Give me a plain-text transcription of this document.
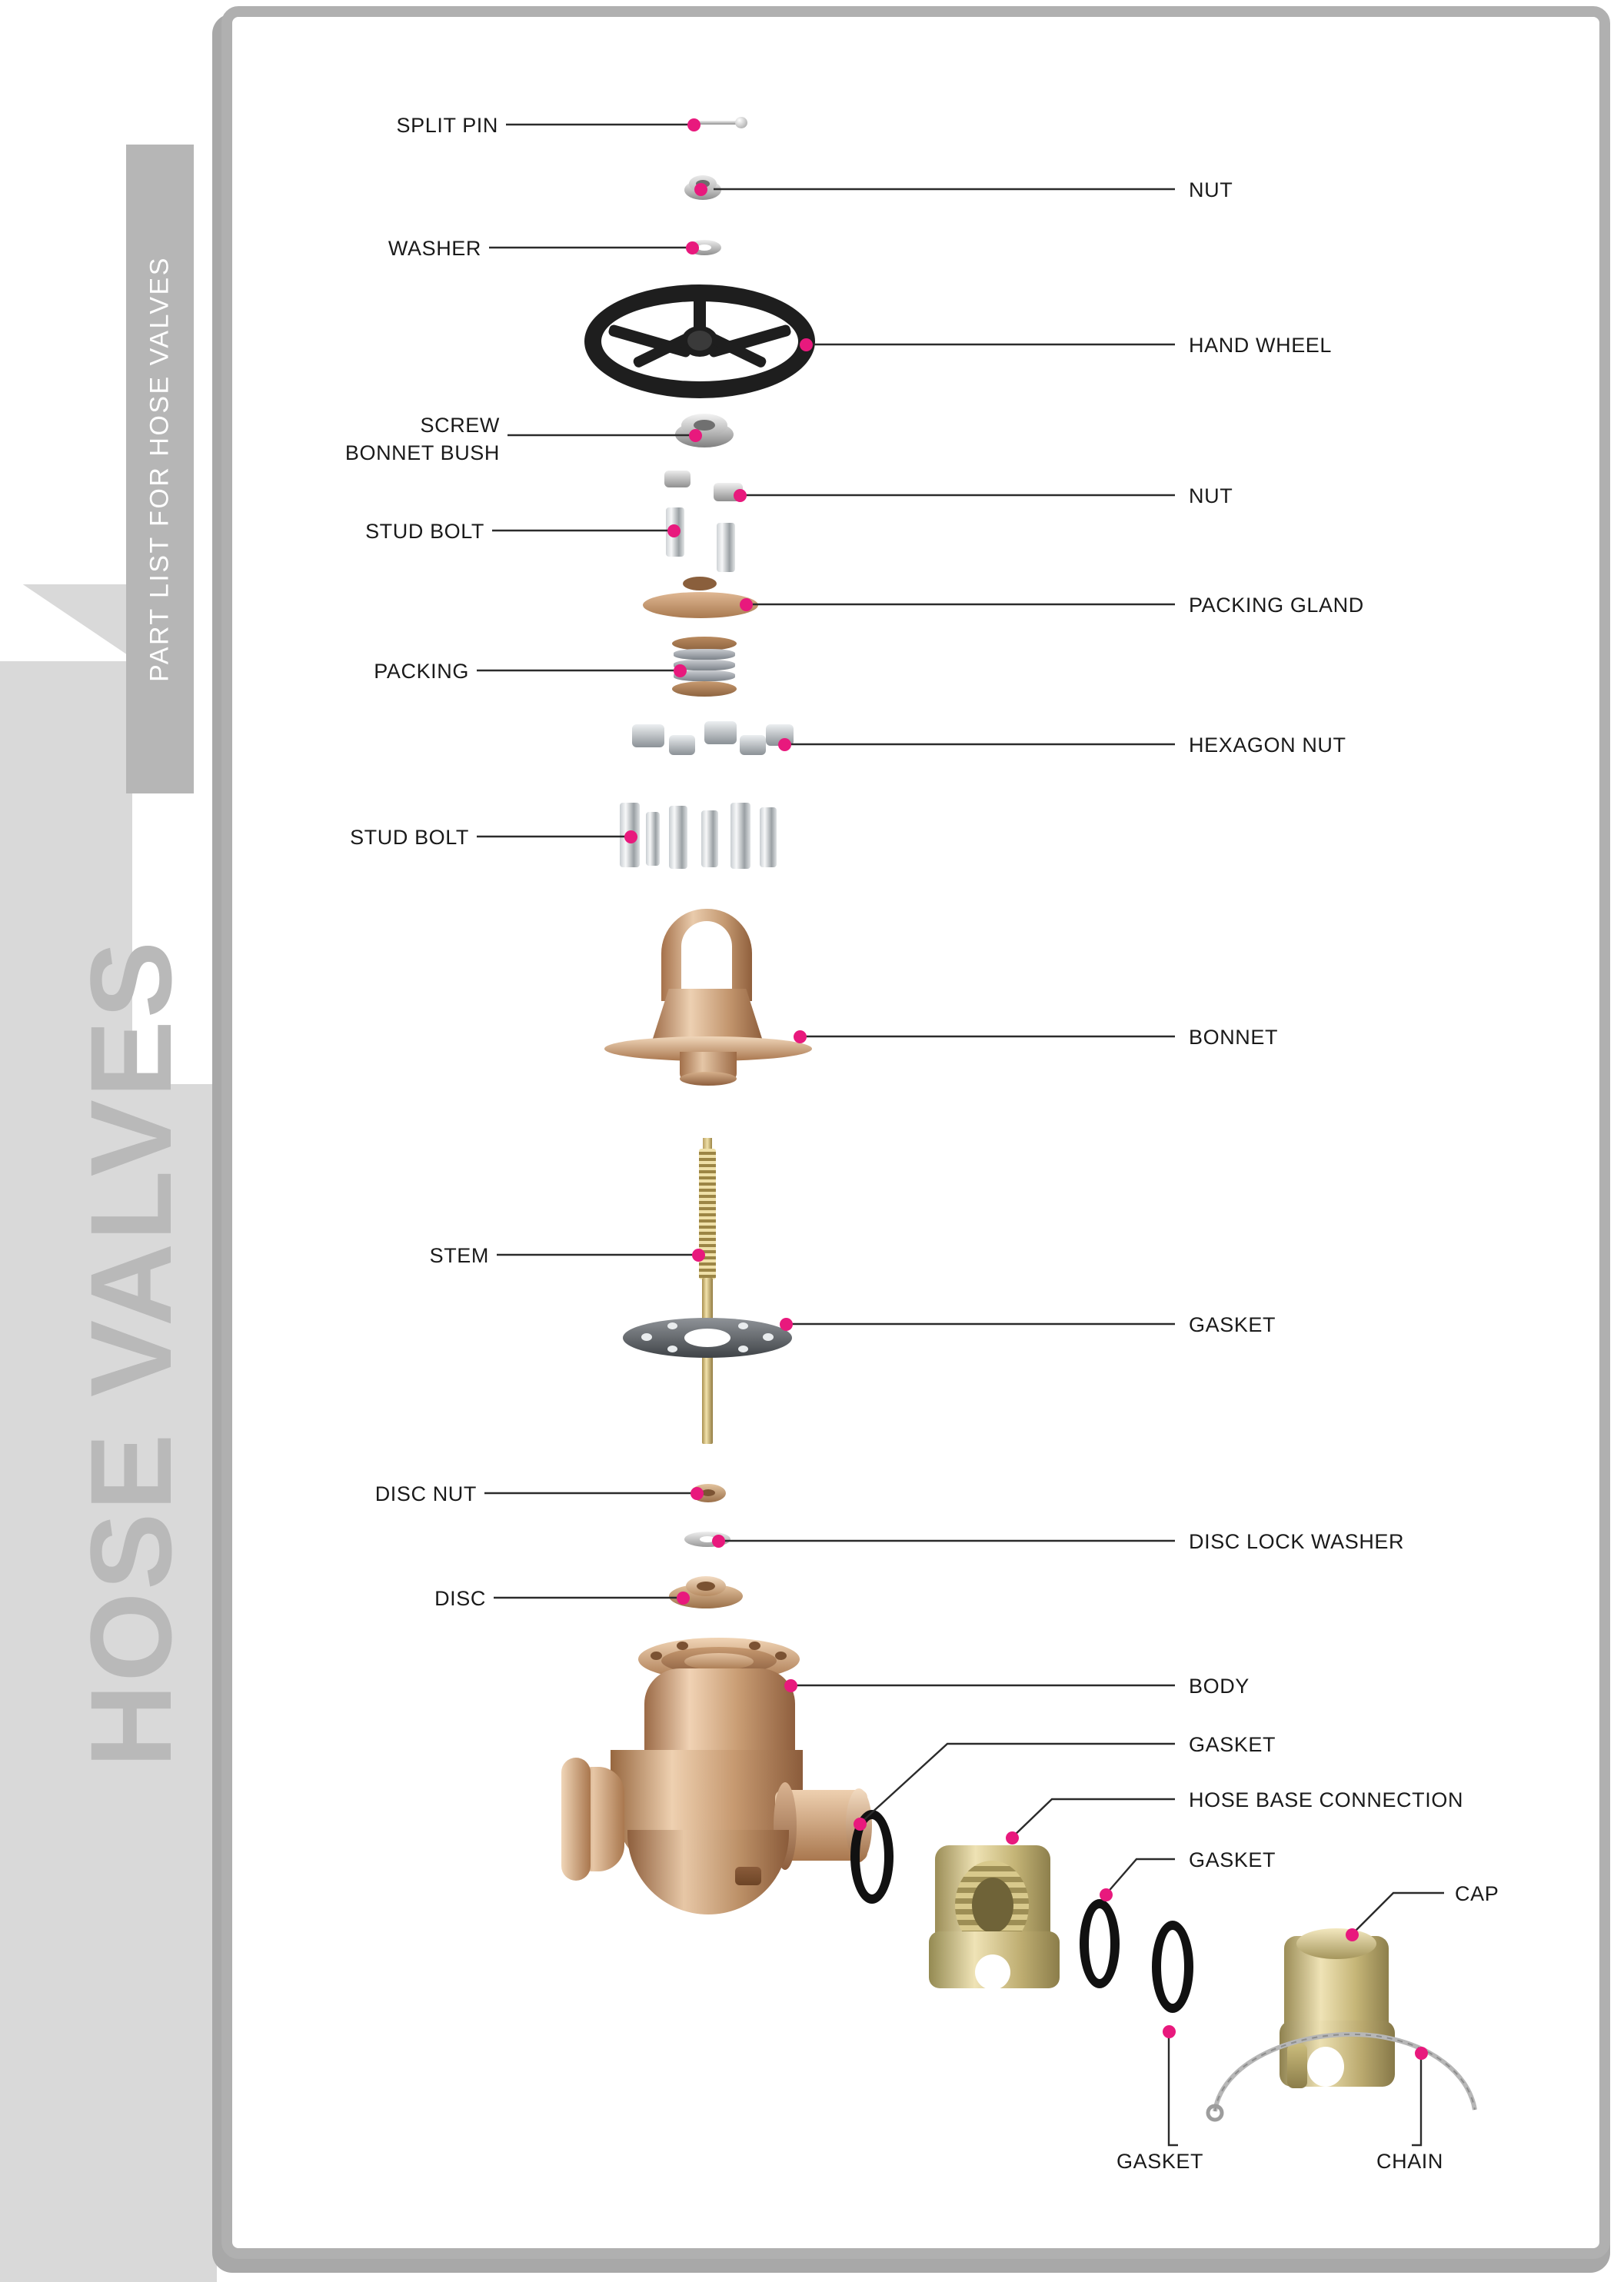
PART LIST FOR HOSE VALVES
HOSE VALVES
SPLIT PIN
WASHER
SCREW
BONNET BUSH
STUD BOLT
PACKING
STUD BOLT
STEM
DISC NUT
DISC
NUT
HAND WHEEL
NUT
PACKING GLAND
HEXAGON NUT
BONNET
GASKET
DISC LOCK WASHER
BODY
GASKET
HOSE BASE CONNECTION
GASKET
CAP
GASKET	CHAIN
